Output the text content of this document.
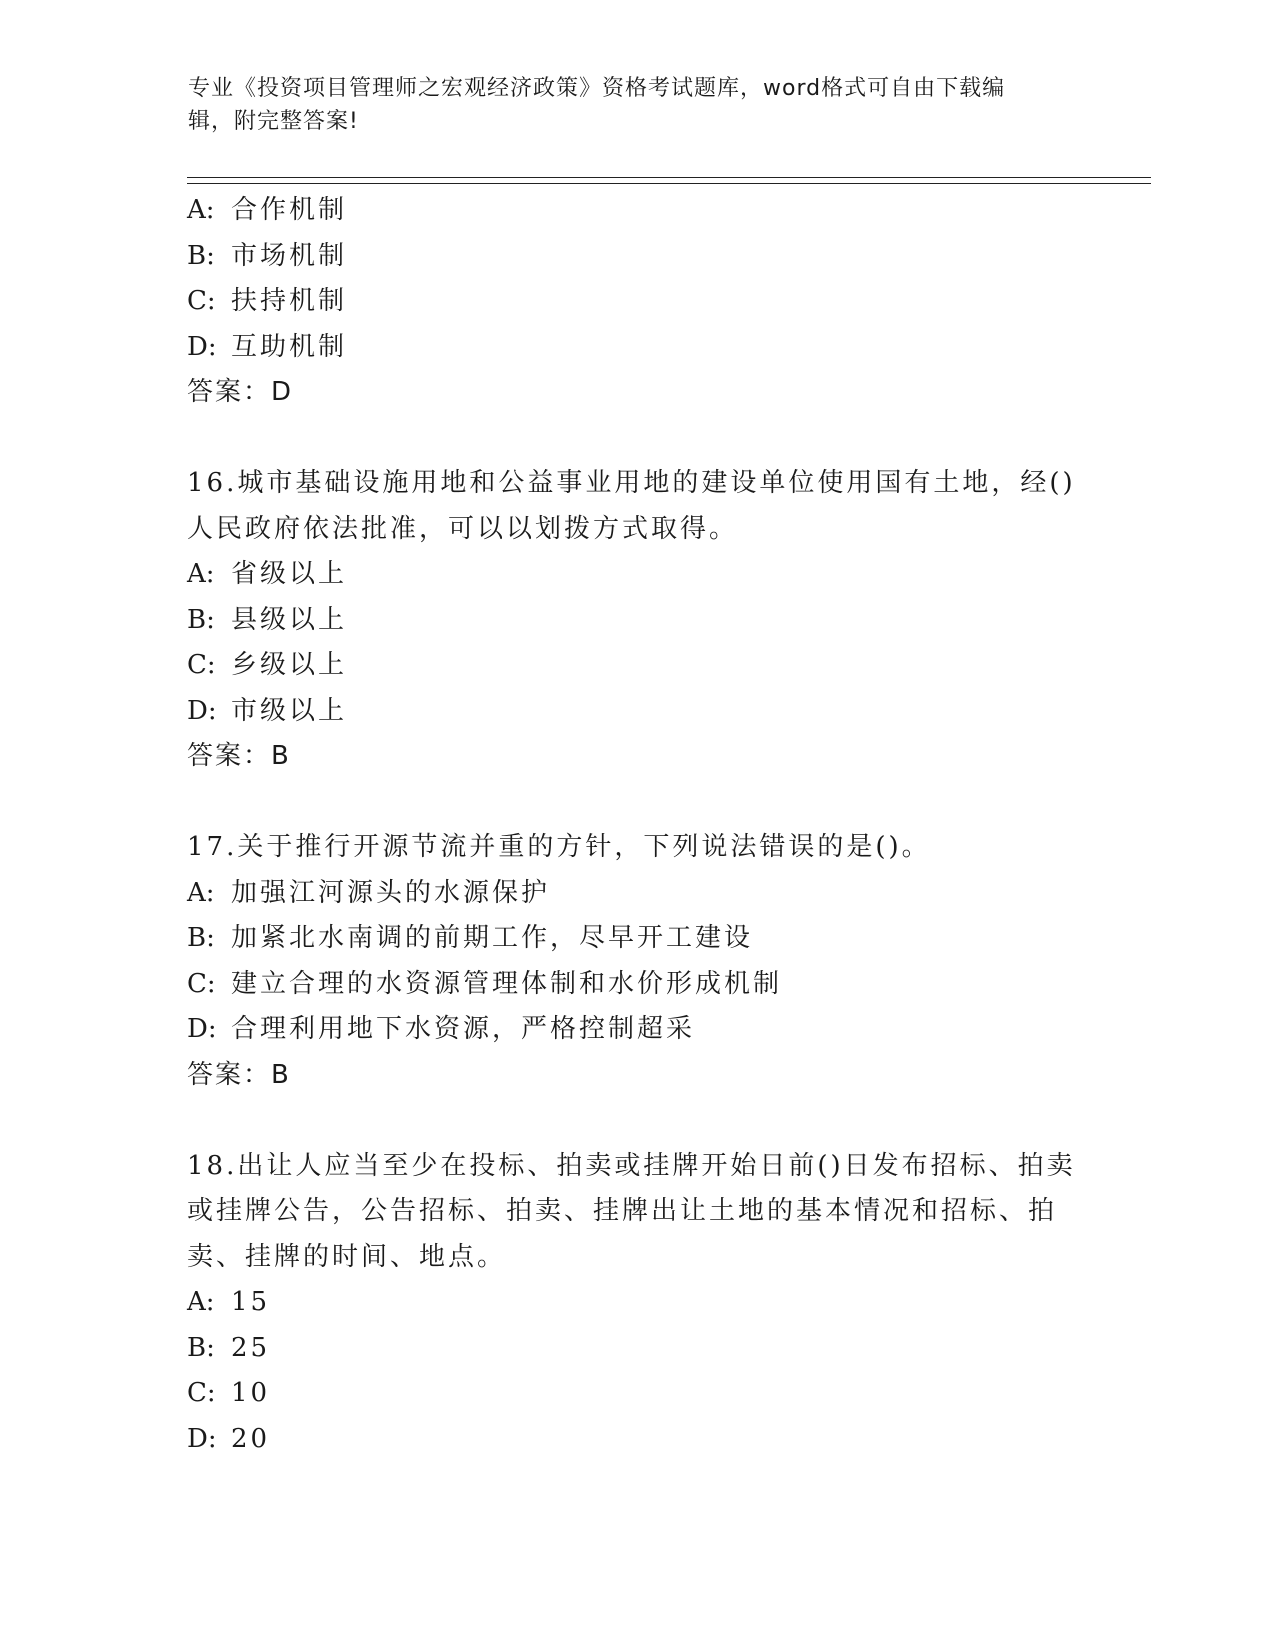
专业《投资项目管理师之宏观经济政策》资格考试题库，word格式可自由下载编
辑，附完整答案!
A: 合作机制
B: 市场机制
C: 扶持机制
D: 互助机制
答案：D
16.城市基础设施用地和公益事业用地的建设单位使用国有土地，经()
人民政府依法批准，可以以划拨方式取得。
A: 省级以上
B: 县级以上
C: 乡级以上
D: 市级以上
答案：B
17.关于推行开源节流并重的方针，下列说法错误的是()。
A: 加强江河源头的水源保护
B: 加紧北水南调的前期工作，尽早开工建设
C: 建立合理的水资源管理体制和水价形成机制
D: 合理利用地下水资源，严格控制超采
答案：B
18.出让人应当至少在投标、拍卖或挂牌开始日前()日发布招标、拍卖
或挂牌公告，公告招标、拍卖、挂牌出让土地的基本情况和招标、拍
卖、挂牌的时间、地点。
A: 15
B: 25
C: 10
D: 20
